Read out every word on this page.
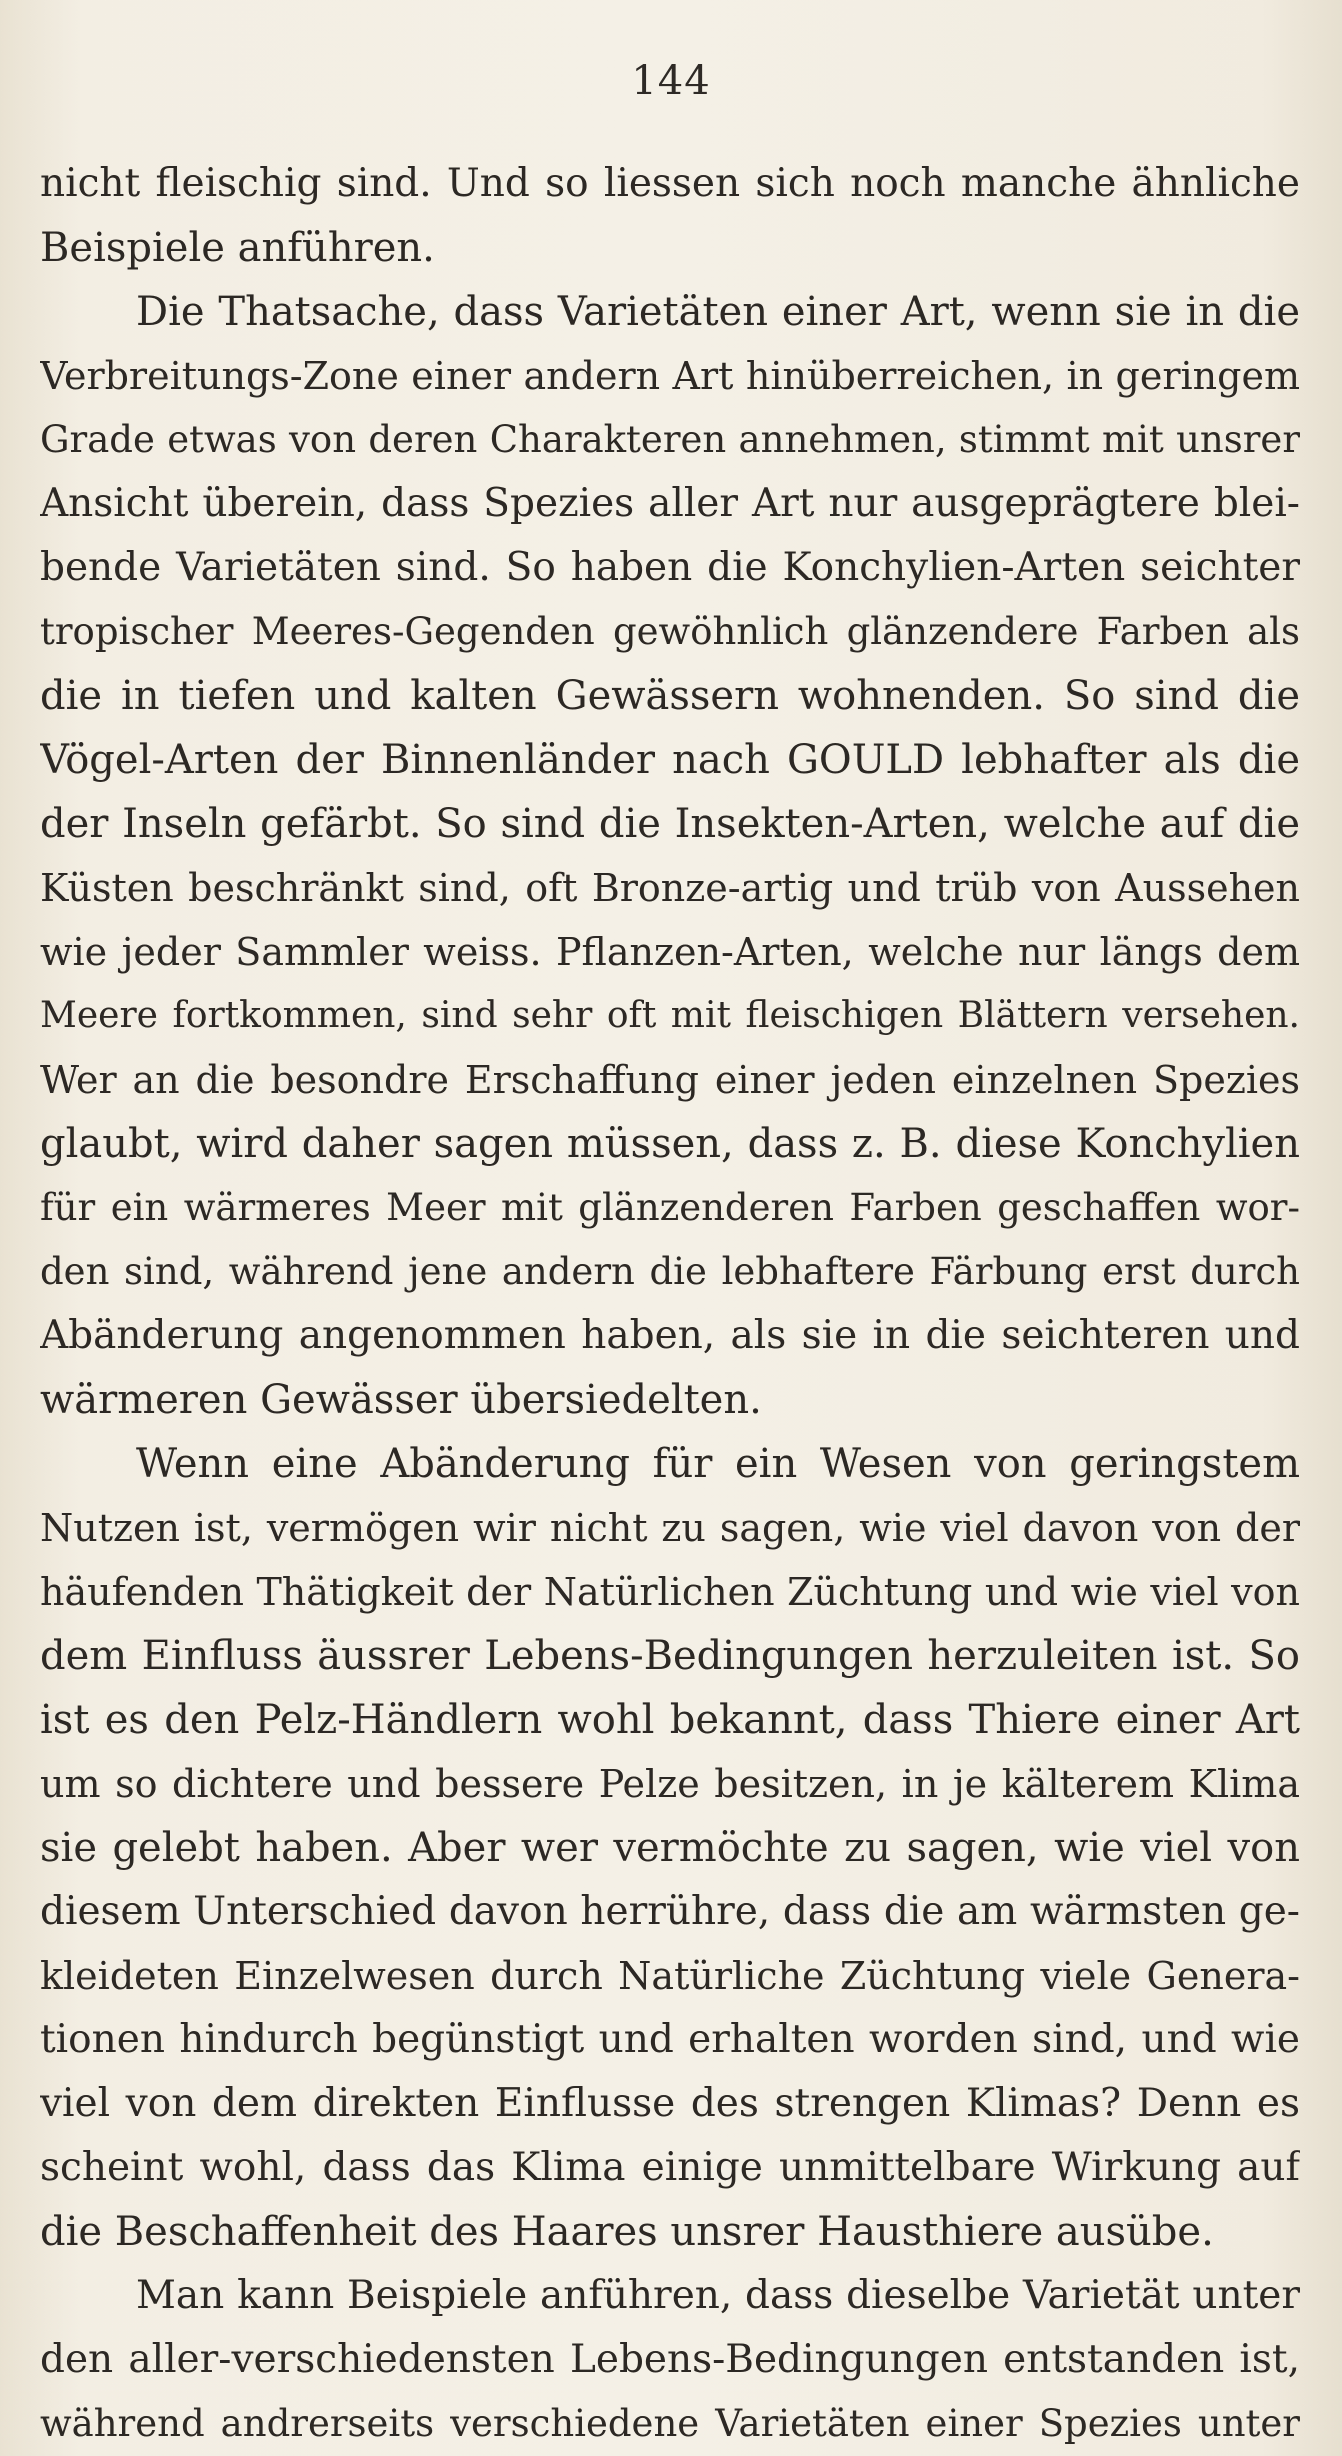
144
nicht fleischig sind. Und so liessen sich noch manche ähnliche
Beispiele anführen.
Die Thatsache, dass Varietäten einer Art, wenn sie in die
Verbreitungs-Zone einer andern Art hinüberreichen, in geringem
Grade etwas von deren Charakteren annehmen, stimmt mit unsrer
Ansicht überein, dass Spezies aller Art nur ausgeprägtere blei-
bende Varietäten sind. So haben die Konchylien-Arten seichter
tropischer Meeres-Gegenden gewöhnlich glänzendere Farben als
die in tiefen und kalten Gewässern wohnenden. So sind die
Vögel-Arten der Binnenländer nach GOULD lebhafter als die
der Inseln gefärbt. So sind die Insekten-Arten, welche auf die
Küsten beschränkt sind, oft Bronze-artig und trüb von Aussehen
wie jeder Sammler weiss. Pflanzen-Arten, welche nur längs dem
Meere fortkommen, sind sehr oft mit fleischigen Blättern versehen.
Wer an die besondre Erschaffung einer jeden einzelnen Spezies
glaubt, wird daher sagen müssen, dass z. B. diese Konchylien
für ein wärmeres Meer mit glänzenderen Farben geschaffen wor-
den sind, während jene andern die lebhaftere Färbung erst durch
Abänderung angenommen haben, als sie in die seichteren und
wärmeren Gewässer übersiedelten.
Wenn eine Abänderung für ein Wesen von geringstem
Nutzen ist, vermögen wir nicht zu sagen, wie viel davon von der
häufenden Thätigkeit der Natürlichen Züchtung und wie viel von
dem Einfluss äussrer Lebens-Bedingungen herzuleiten ist. So
ist es den Pelz-Händlern wohl bekannt, dass Thiere einer Art
um so dichtere und bessere Pelze besitzen, in je kälterem Klima
sie gelebt haben. Aber wer vermöchte zu sagen, wie viel von
diesem Unterschied davon herrühre, dass die am wärmsten ge-
kleideten Einzelwesen durch Natürliche Züchtung viele Genera-
tionen hindurch begünstigt und erhalten worden sind, und wie
viel von dem direkten Einflusse des strengen Klimas? Denn es
scheint wohl, dass das Klima einige unmittelbare Wirkung auf
die Beschaffenheit des Haares unsrer Hausthiere ausübe.
Man kann Beispiele anführen, dass dieselbe Varietät unter
den aller-verschiedensten Lebens-Bedingungen entstanden ist,
während andrerseits verschiedene Varietäten einer Spezies unter
